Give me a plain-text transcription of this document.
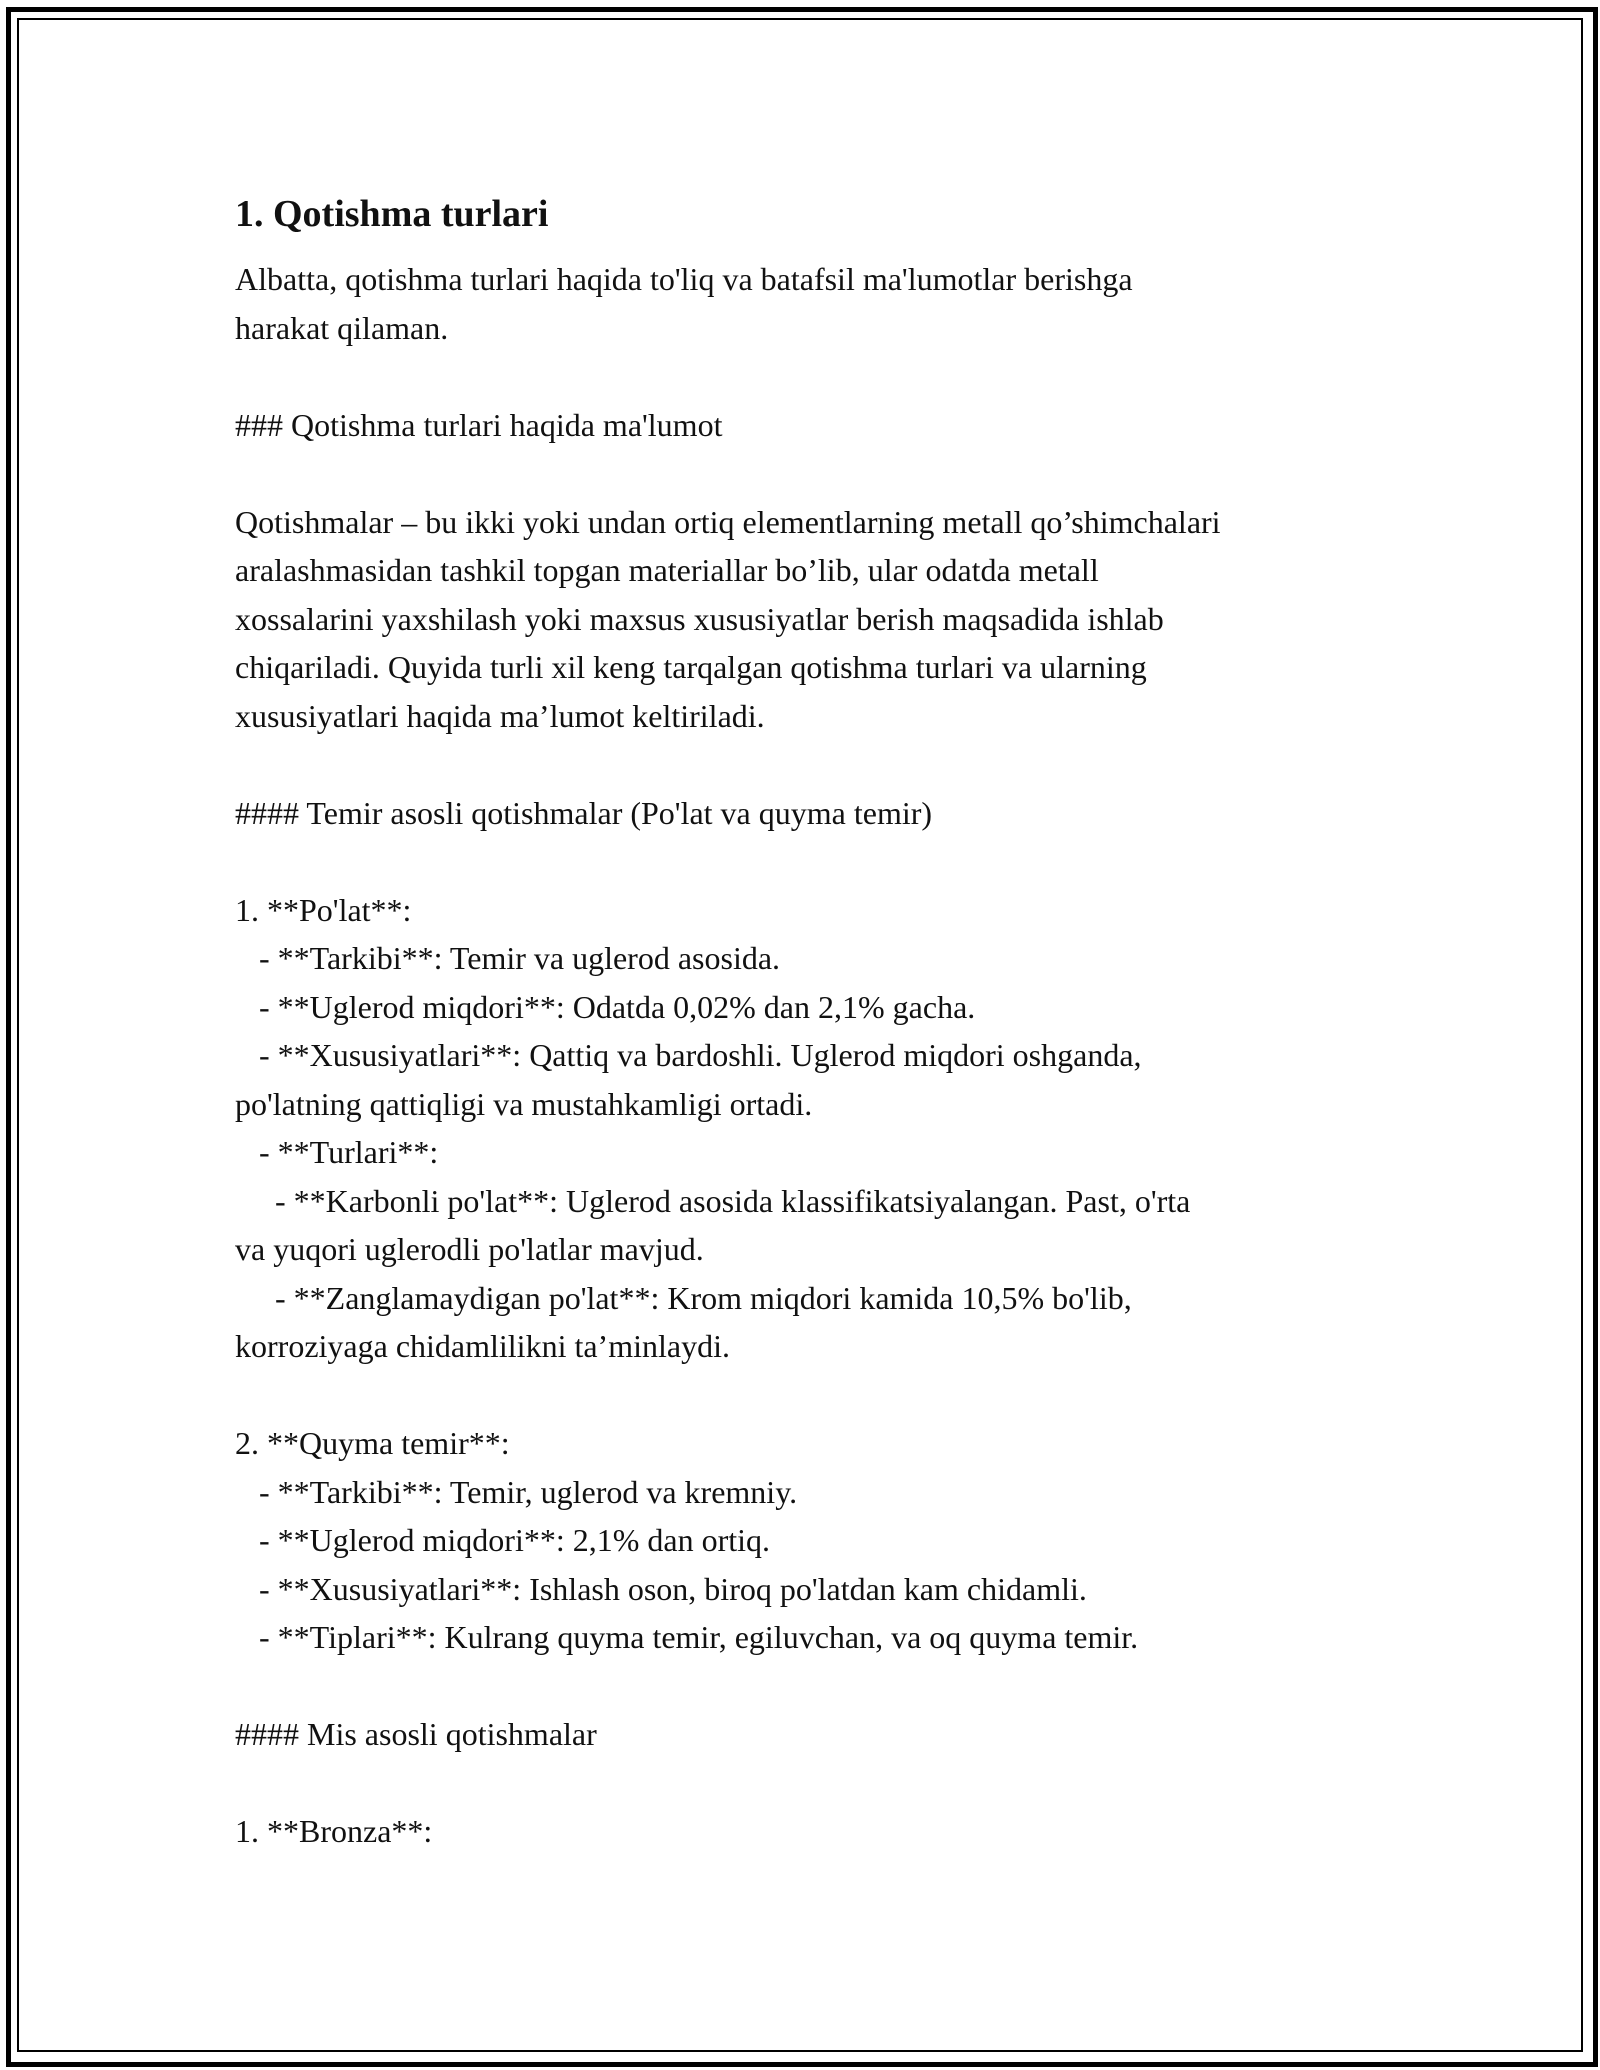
1. Qotishma turlari
Albatta, qotishma turlari haqida to'liq va batafsil ma'lumotlar berishga
harakat qilaman.
### Qotishma turlari haqida ma'lumot
Qotishmalar – bu ikki yoki undan ortiq elementlarning metall qo’shimchalari
aralashmasidan tashkil topgan materiallar bo’lib, ular odatda metall
xossalarini yaxshilash yoki maxsus xususiyatlar berish maqsadida ishlab
chiqariladi. Quyida turli xil keng tarqalgan qotishma turlari va ularning
xususiyatlari haqida ma’lumot keltiriladi.
#### Temir asosli qotishmalar (Po'lat va quyma temir)
1. **Po'lat**:
- **Tarkibi**: Temir va uglerod asosida.
- **Uglerod miqdori**: Odatda 0,02% dan 2,1% gacha.
- **Xususiyatlari**: Qattiq va bardoshli. Uglerod miqdori oshganda,
po'latning qattiqligi va mustahkamligi ortadi.
- **Turlari**:
- **Karbonli po'lat**: Uglerod asosida klassifikatsiyalangan. Past, o'rta
va yuqori uglerodli po'latlar mavjud.
- **Zanglamaydigan po'lat**: Krom miqdori kamida 10,5% bo'lib,
korroziyaga chidamlilikni ta’minlaydi.
2. **Quyma temir**:
- **Tarkibi**: Temir, uglerod va kremniy.
- **Uglerod miqdori**: 2,1% dan ortiq.
- **Xususiyatlari**: Ishlash oson, biroq po'latdan kam chidamli.
- **Tiplari**: Kulrang quyma temir, egiluvchan, va oq quyma temir.
#### Mis asosli qotishmalar
1. **Bronza**:
